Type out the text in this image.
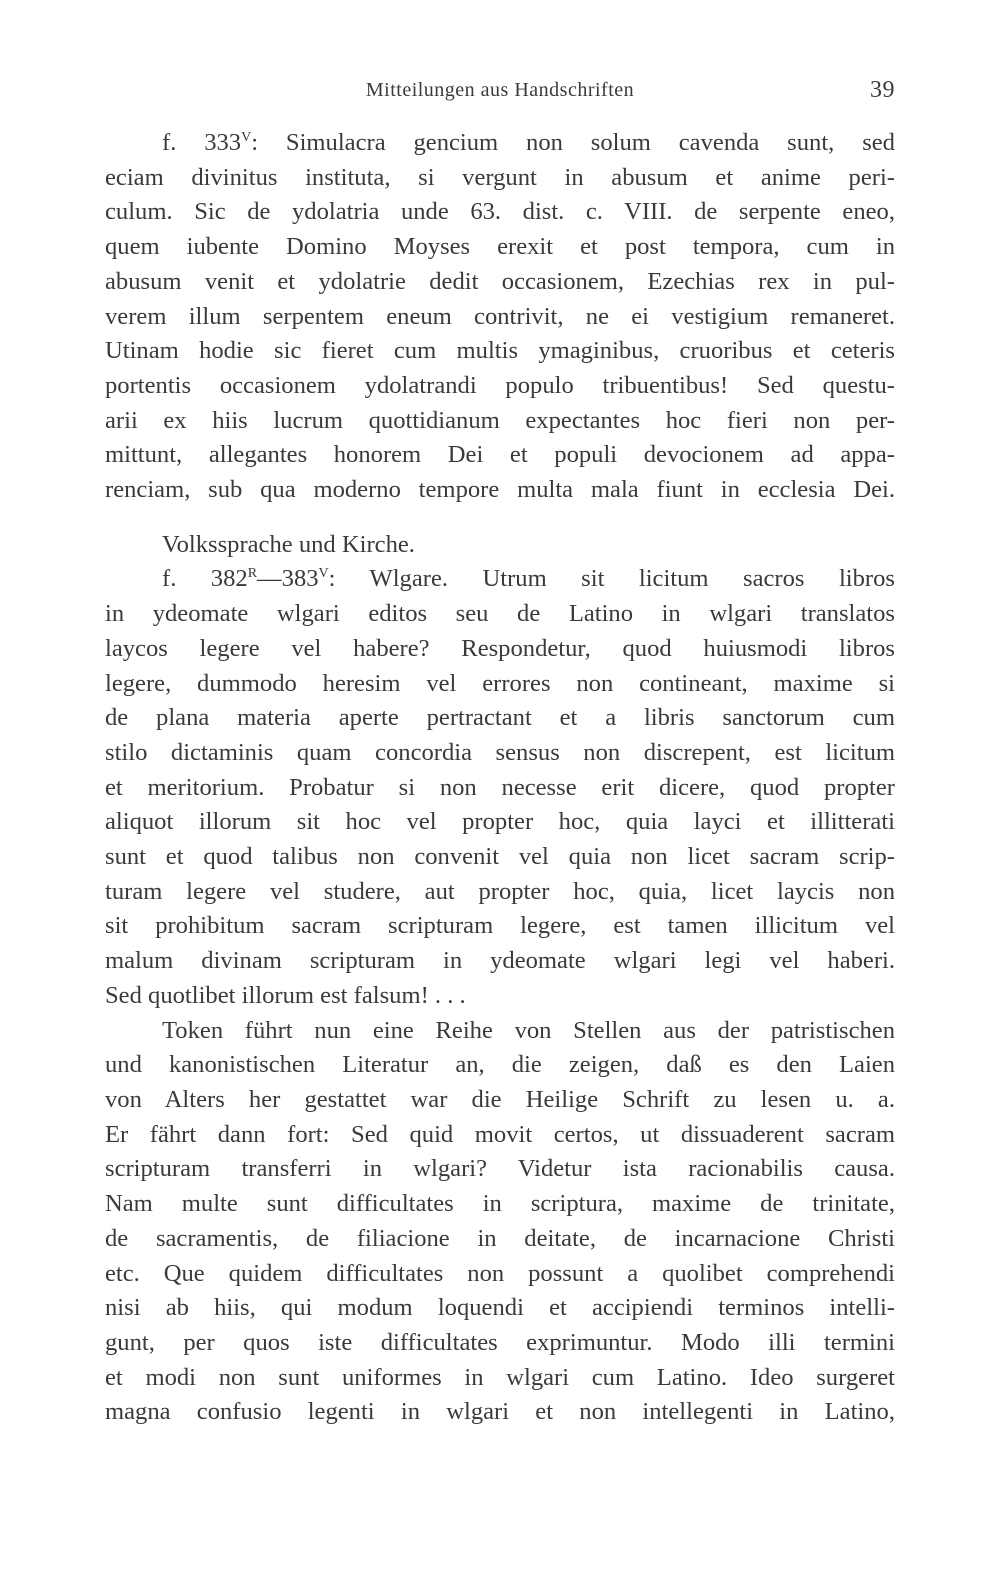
Mitteilungen aus Handschriften	39
f. $333^V$: Simulacra gencium non solum cavenda sunt, sed
eciam divinitus instituta, si vergunt in abusum et anime peri-
culum. Sic de ydolatria unde 63. dist. c. VIII. de serpente eneo,
quem iubente Domino Moyses erexit et post tempora, cum in
abusum venit et ydolatrie dedit occasionem, Ezechias rex in pul-
verem illum serpentem eneum contrivit, ne ei vestigium remaneret.
Utinam hodie sic fieret cum multis ymaginibus, cruoribus et ceteris
portentis occasionem ydolatrandi populo tribuentibus! Sed questu-
arii ex hiis lucrum quottidianum expectantes hoc fieri non per-
mittunt, allegantes honorem Dei et populi devocionem ad appa-
renciam, sub qua moderno tempore multa mala fiunt in ecclesia Dei.
Volkssprache und Kirche.
f. $382^R—383^V$: Wlgare. Utrum sit licitum sacros libros
in ydeomate wlgari editos seu de Latino in wlgari translatos
laycos legere vel habere? Respondetur, quod huiusmodi libros
legere, dummodo heresim vel errores non contineant, maxime si
de plana materia aperte pertractant et a libris sanctorum cum
stilo dictaminis quam concordia sensus non discrepent, est licitum
et meritorium. Probatur si non necesse erit dicere, quod propter
aliquot illorum sit hoc vel propter hoc, quia layci et illitterati
sunt et quod talibus non convenit vel quia non licet sacram scrip-
turam legere vel studere, aut propter hoc, quia, licet laycis non
sit prohibitum sacram scripturam legere, est tamen illicitum vel
malum divinam scripturam in ydeomate wlgari legi vel haberi.
Sed quotlibet illorum est falsum! . . .
Token führt nun eine Reihe von Stellen aus der patristischen
und kanonistischen Literatur an, die zeigen, daß es den Laien
von Alters her gestattet war die Heilige Schrift zu lesen u. a.
Er fährt dann fort: Sed quid movit certos, ut dissuaderent sacram
scripturam transferri in wlgari? Videtur ista racionabilis causa.
Nam multe sunt difficultates in scriptura, maxime de trinitate,
de sacramentis, de filiacione in deitate, de incarnacione Christi
etc. Que quidem difficultates non possunt a quolibet comprehendi
nisi ab hiis, qui modum loquendi et accipiendi terminos intelli-
gunt, per quos iste difficultates exprimuntur. Modo illi termini
et modi non sunt uniformes in wlgari cum Latino. Ideo surgeret
magna confusio legenti in wlgari et non intellegenti in Latino,
